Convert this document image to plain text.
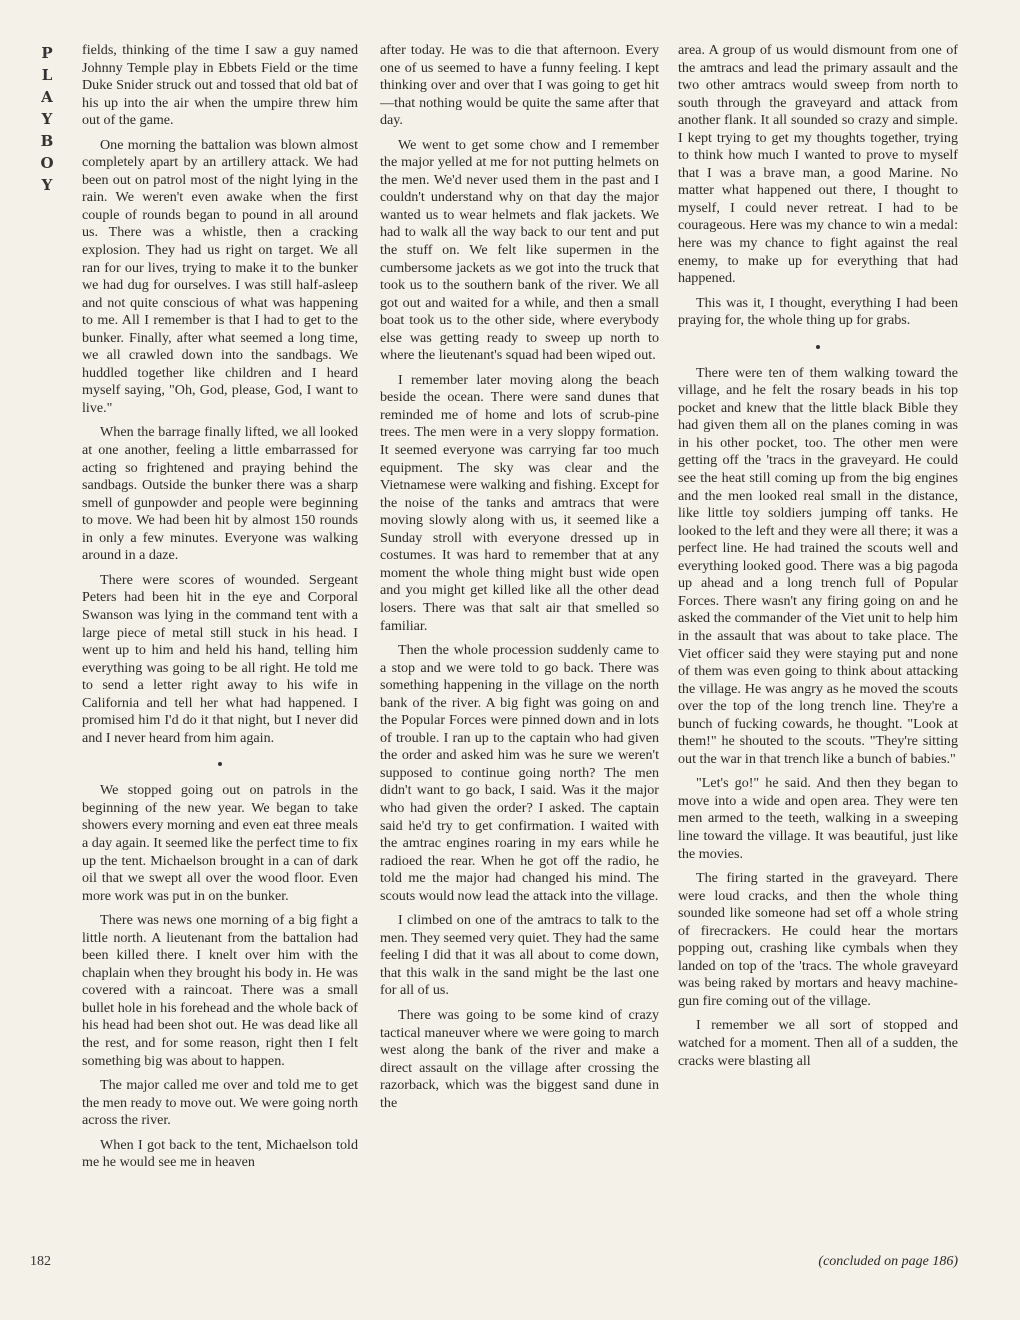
P
L
A
Y
B
O
Y

fields, thinking of the time I saw a guy named Johnny Temple play in Ebbets Field or the time Duke Snider struck out and tossed that old bat of his up into the air when the umpire threw him out of the game.

One morning the battalion was blown almost completely apart by an artillery attack. We had been out on patrol most of the night lying in the rain. We weren't even awake when the first couple of rounds began to pound in all around us. There was a whistle, then a cracking explosion. They had us right on target. We all ran for our lives, trying to make it to the bunker we had dug for ourselves. I was still half-asleep and not quite conscious of what was happening to me. All I remember is that I had to get to the bunker. Finally, after what seemed a long time, we all crawled down into the sandbags. We huddled together like children and I heard myself saying, "Oh, God, please, God, I want to live."

When the barrage finally lifted, we all looked at one another, feeling a little embarrassed for acting so frightened and praying behind the sandbags. Outside the bunker there was a sharp smell of gunpowder and people were beginning to move. We had been hit by almost 150 rounds in only a few minutes. Everyone was walking around in a daze.

There were scores of wounded. Sergeant Peters had been hit in the eye and Corporal Swanson was lying in the command tent with a large piece of metal still stuck in his head. I went up to him and held his hand, telling him everything was going to be all right. He told me to send a letter right away to his wife in California and tell her what had happened. I promised him I'd do it that night, but I never did and I never heard from him again.

We stopped going out on patrols in the beginning of the new year. We began to take showers every morning and even eat three meals a day again. It seemed like the perfect time to fix up the tent. Michaelson brought in a can of dark oil that we swept all over the wood floor. Even more work was put in on the bunker.

There was news one morning of a big fight a little north. A lieutenant from the battalion had been killed there. I knelt over him with the chaplain when they brought his body in. He was covered with a raincoat. There was a small bullet hole in his forehead and the whole back of his head had been shot out. He was dead like all the rest, and for some reason, right then I felt something big was about to happen.

The major called me over and told me to get the men ready to move out. We were going north across the river.

When I got back to the tent, Michaelson told me he would see me in heaven

after today. He was to die that afternoon. Every one of us seemed to have a funny feeling. I kept thinking over and over that I was going to get hit—that nothing would be quite the same after that day.

We went to get some chow and I remember the major yelled at me for not putting helmets on the men. We'd never used them in the past and I couldn't understand why on that day the major wanted us to wear helmets and flak jackets. We had to walk all the way back to our tent and put the stuff on. We felt like supermen in the cumbersome jackets as we got into the truck that took us to the southern bank of the river. We all got out and waited for a while, and then a small boat took us to the other side, where everybody else was getting ready to sweep up north to where the lieutenant's squad had been wiped out.

I remember later moving along the beach beside the ocean. There were sand dunes that reminded me of home and lots of scrub-pine trees. The men were in a very sloppy formation. It seemed everyone was carrying far too much equipment. The sky was clear and the Vietnamese were walking and fishing. Except for the noise of the tanks and amtracs that were moving slowly along with us, it seemed like a Sunday stroll with everyone dressed up in costumes. It was hard to remember that at any moment the whole thing might bust wide open and you might get killed like all the other dead losers. There was that salt air that smelled so familiar.

Then the whole procession suddenly came to a stop and we were told to go back. There was something happening in the village on the north bank of the river. A big fight was going on and the Popular Forces were pinned down and in lots of trouble. I ran up to the captain who had given the order and asked him was he sure we weren't supposed to continue going north? The men didn't want to go back, I said. Was it the major who had given the order? I asked. The captain said he'd try to get confirmation. I waited with the amtrac engines roaring in my ears while he radioed the rear. When he got off the radio, he told me the major had changed his mind. The scouts would now lead the attack into the village.

I climbed on one of the amtracs to talk to the men. They seemed very quiet. They had the same feeling I did that it was all about to come down, that this walk in the sand might be the last one for all of us.

There was going to be some kind of crazy tactical maneuver where we were going to march west along the bank of the river and make a direct assault on the village after crossing the razorback, which was the biggest sand dune in the

area. A group of us would dismount from one of the amtracs and lead the primary assault and the two other amtracs would sweep from north to south through the graveyard and attack from another flank. It all sounded so crazy and simple. I kept trying to get my thoughts together, trying to think how much I wanted to prove to myself that I was a brave man, a good Marine. No matter what happened out there, I thought to myself, I could never retreat. I had to be courageous. Here was my chance to win a medal: here was my chance to fight against the real enemy, to make up for everything that had happened.

This was it, I thought, everything I had been praying for, the whole thing up for grabs.

There were ten of them walking toward the village, and he felt the rosary beads in his top pocket and knew that the little black Bible they had given them all on the planes coming in was in his other pocket, too. The other men were getting off the 'tracs in the graveyard. He could see the heat still coming up from the big engines and the men looked real small in the distance, like little toy soldiers jumping off tanks. He looked to the left and they were all there; it was a perfect line. He had trained the scouts well and everything looked good. There was a big pagoda up ahead and a long trench full of Popular Forces. There wasn't any firing going on and he asked the commander of the Viet unit to help him in the assault that was about to take place. The Viet officer said they were staying put and none of them was even going to think about attacking the village. He was angry as he moved the scouts over the top of the long trench line. They're a bunch of fucking cowards, he thought. "Look at them!" he shouted to the scouts. "They're sitting out the war in that trench like a bunch of babies."

"Let's go!" he said. And then they began to move into a wide and open area. They were ten men armed to the teeth, walking in a sweeping line toward the village. It was beautiful, just like the movies.

The firing started in the graveyard. There were loud cracks, and then the whole thing sounded like someone had set off a whole string of firecrackers. He could hear the mortars popping out, crashing like cymbals when they landed on top of the 'tracs. The whole graveyard was being raked by mortars and heavy machine-gun fire coming out of the village.

I remember we all sort of stopped and watched for a moment. Then all of a sudden, the cracks were blasting all

182	(concluded on page 186)
